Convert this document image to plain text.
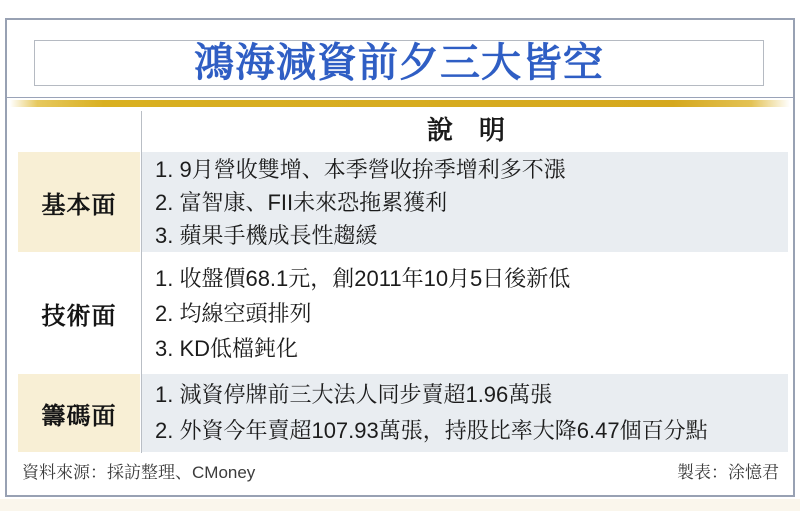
鴻海減資前夕三大皆空
說　明
基本面
1. 9月營收雙增、本季營收拚季增利多不漲
2. 富智康、FII未來恐拖累獲利
3. 蘋果手機成長性趨緩
技術面
1. 收盤價68.1元，創2011年10月5日後新低
2. 均線空頭排列
3. KD低檔鈍化
籌碼面
1. 減資停牌前三大法人同步賣超1.96萬張
2. 外資今年賣超107.93萬張，持股比率大降6.47個百分點
資料來源：採訪整理、CMoney	製表：涂憶君
